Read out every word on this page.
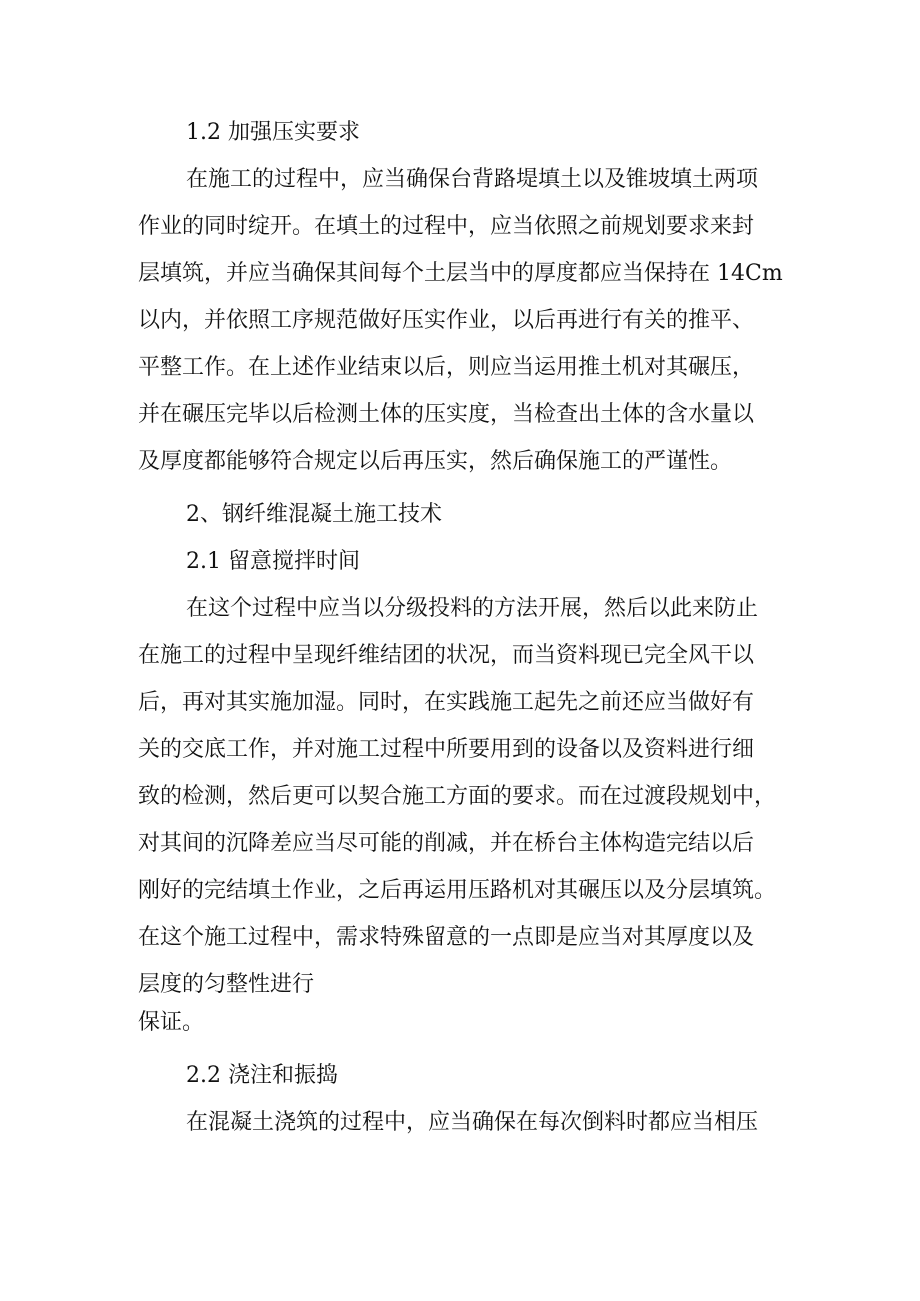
1.2 加强压实要求
在施工的过程中，应当确保台背路堤填土以及锥坡填土两项
作业的同时绽开。在填土的过程中，应当依照之前规划要求来封
层填筑，并应当确保其间每个土层当中的厚度都应当保持在 14Cm
以内，并依照工序规范做好压实作业，以后再进行有关的推平、
平整工作。在上述作业结束以后，则应当运用推土机对其碾压，
并在碾压完毕以后检测土体的压实度，当检查出土体的含水量以
及厚度都能够符合规定以后再压实，然后确保施工的严谨性。
2、钢纤维混凝土施工技术
2.1 留意搅拌时间
在这个过程中应当以分级投料的方法开展，然后以此来防止
在施工的过程中呈现纤维结团的状况，而当资料现已完全风干以
后，再对其实施加湿。同时，在实践施工起先之前还应当做好有
关的交底工作，并对施工过程中所要用到的设备以及资料进行细
致的检测，然后更可以契合施工方面的要求。而在过渡段规划中，
对其间的沉降差应当尽可能的削减，并在桥台主体构造完结以后
刚好的完结填土作业，之后再运用压路机对其碾压以及分层填筑。
在这个施工过程中，需求特殊留意的一点即是应当对其厚度以及
层度的匀整性进行
保证。
2.2 浇注和振捣
在混凝土浇筑的过程中，应当确保在每次倒料时都应当相压
